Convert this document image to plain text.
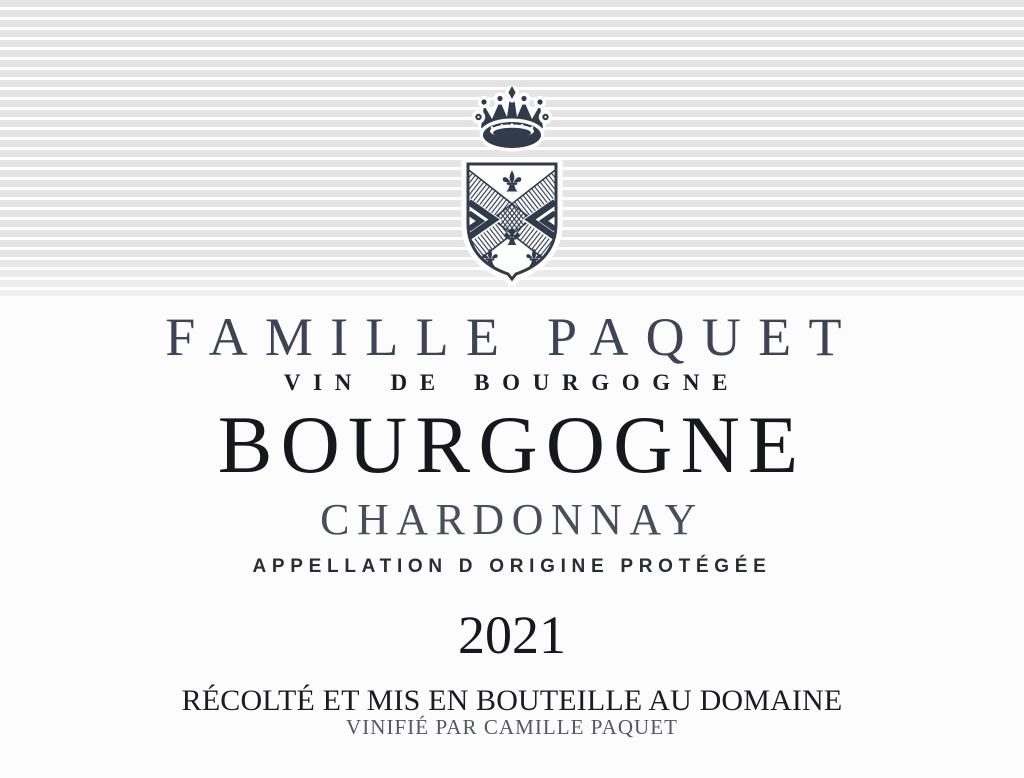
FAMILLE PAQUET
VIN DE BOURGOGNE
BOURGOGNE
CHARDONNAY
APPELLATION D ORIGINE PROTÉGÉE
2021
RÉCOLTÉ ET MIS EN BOUTEILLE AU DOMAINE
VINIFIÉ PAR CAMILLE PAQUET
